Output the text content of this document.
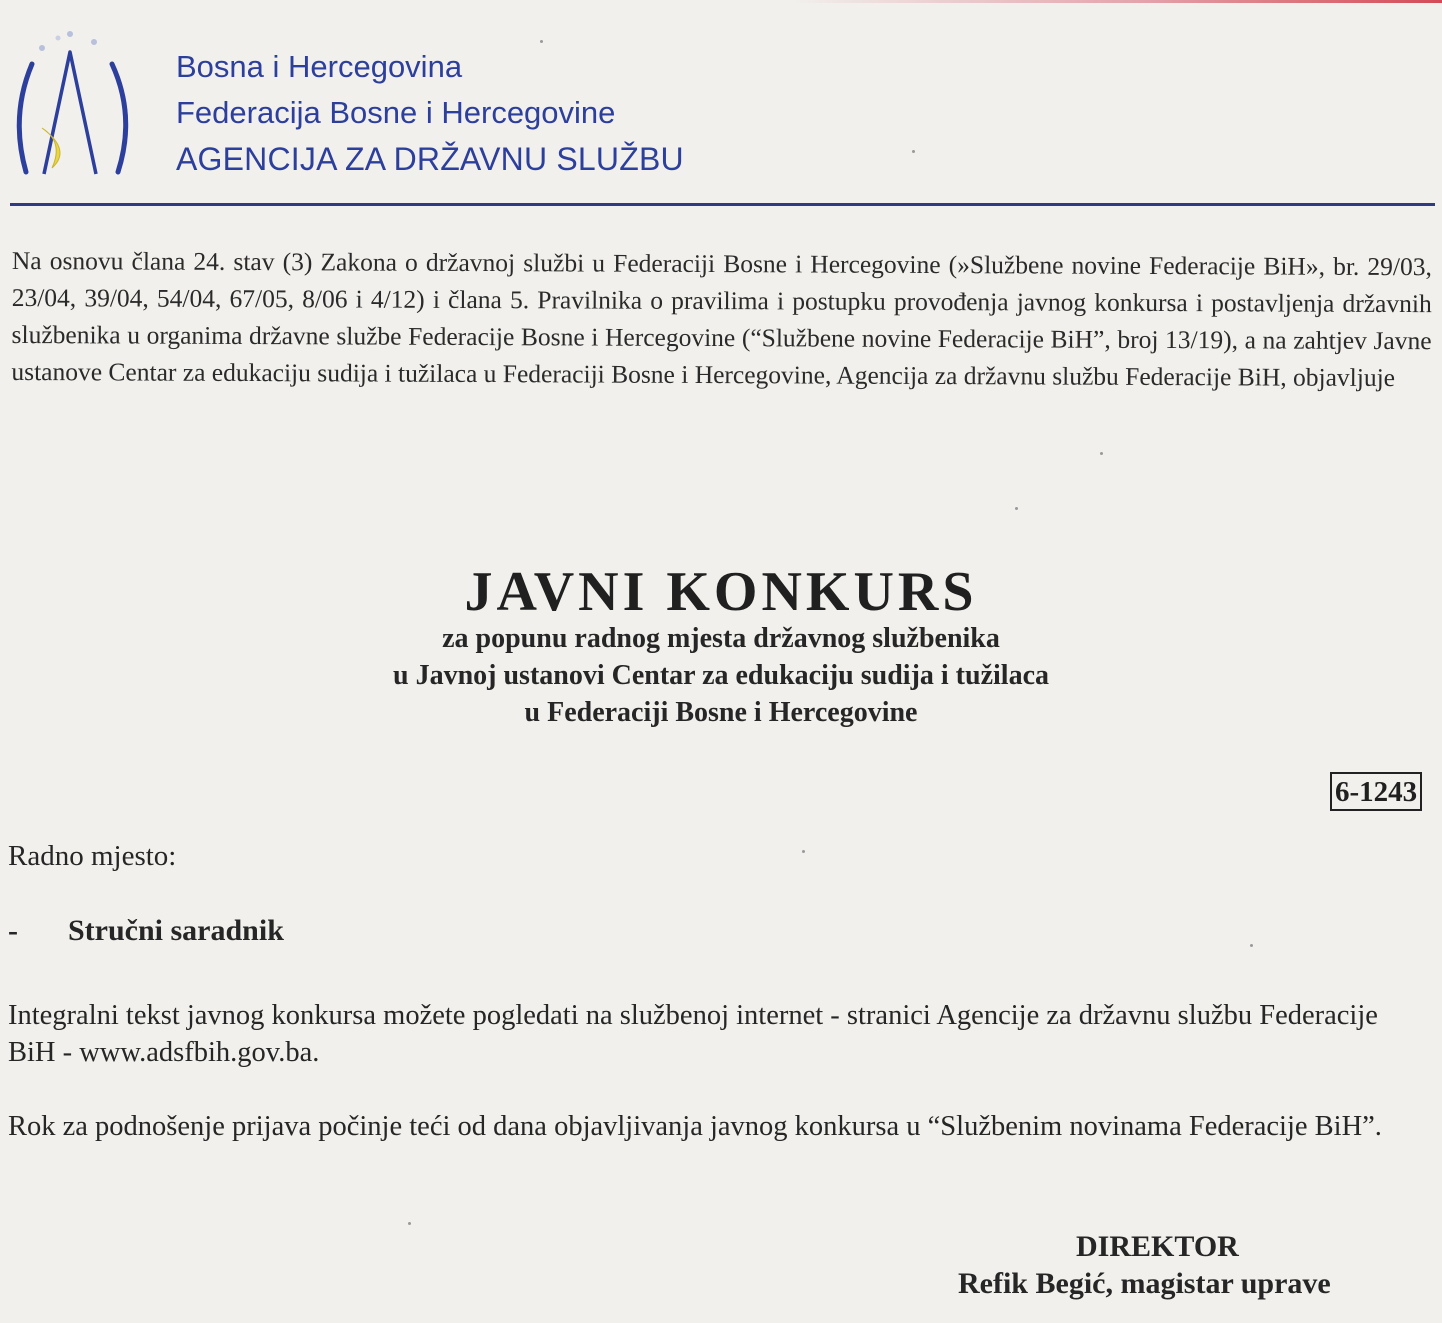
Bosna i Hercegovina
Federacija Bosne i Hercegovine
AGENCIJA ZA DRŽAVNU SLUŽBU
Na osnovu člana 24. stav (3) Zakona o državnoj službi u Federaciji Bosne i Hercegovine (»Službene novine Federacije BiH», br. 29/03, 23/04, 39/04, 54/04, 67/05, 8/06 i 4/12) i člana 5. Pravilnika o pravilima i postupku provođenja javnog konkursa i postavljenja državnih službenika u organima državne službe Federacije Bosne i Hercegovine (“Službene novine Federacije BiH”, broj 13/19), a na zahtjev Javne ustanove Centar za edukaciju sudija i tužilaca u Federaciji Bosne i Hercegovine, Agencija za državnu službu Federacije BiH, objavljuje
JAVNI KONKURS
za popunu radnog mjesta državnog službenika
u Javnoj ustanovi Centar za edukaciju sudija i tužilaca
u Federaciji Bosne i Hercegovine
6-1243
Radno mjesto:
- Stručni saradnik
Integralni tekst javnog konkursa možete pogledati na službenoj internet - stranici Agencije za državnu službu Federacije BiH - www.adsfbih.gov.ba.
Rok za podnošenje prijava počinje teći od dana objavljivanja javnog konkursa u “Službenim novinama Federacije BiH”.
DIREKTOR
Refik Begić, magistar uprave
